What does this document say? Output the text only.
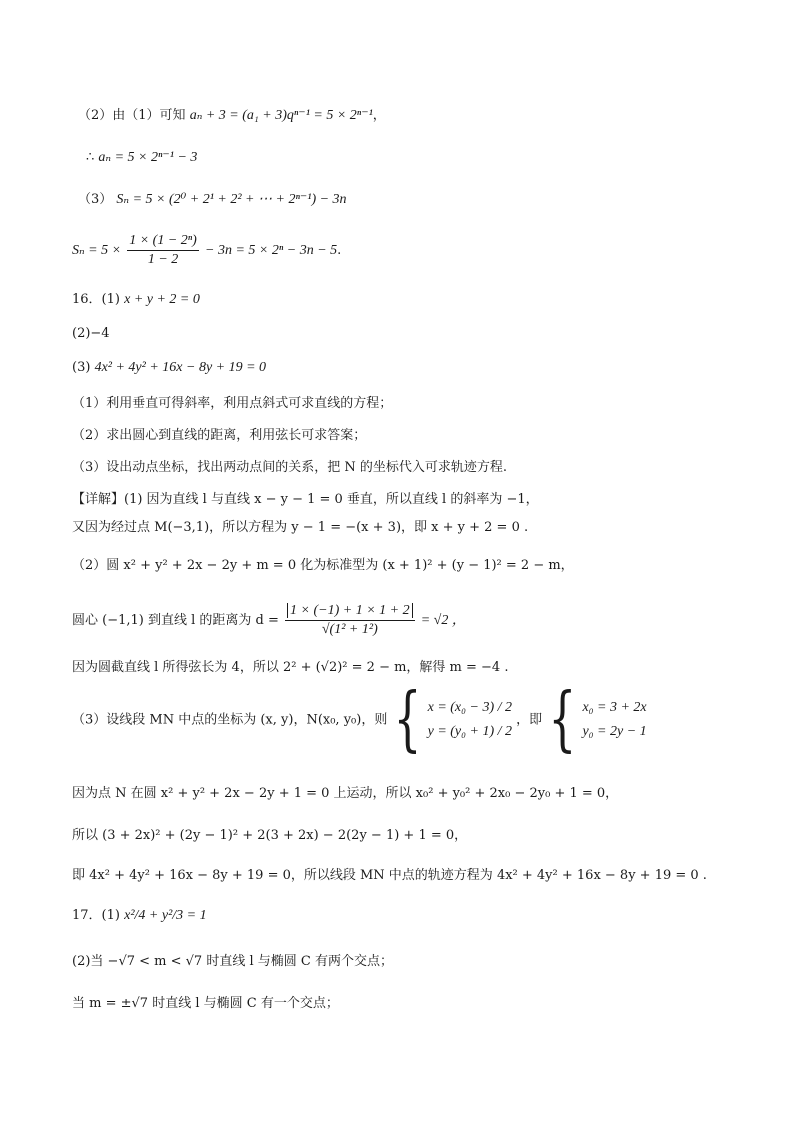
（2）由（1）可知 aₙ + 3 = (a₁ + 3)qⁿ⁻¹ = 5 × 2ⁿ⁻¹，
∴ aₙ = 5 × 2ⁿ⁻¹ − 3
（3） Sₙ = 5 × (2⁰ + 2¹ + 2² + ⋯ + 2ⁿ⁻¹) − 3n
$S_n = 5 \times \frac{\text{1 × (1 − 2ⁿ)}}{1 - 2} - 3n = 5 \times 2^n - 3n - 5$.
16．(1) x + y + 2 = 0
(2)−4
(3) 4x² + 4y² + 16x − 8y + 19 = 0
（1）利用垂直可得斜率，利用点斜式可求直线的方程；
（2）求出圆心到直线的距离，利用弦长可求答案；
（3）设出动点坐标，找出两动点间的关系，把 N 的坐标代入可求轨迹方程.
【详解】(1) 因为直线 l 与直线 x − y − 1 = 0 垂直，所以直线 l 的斜率为 −1，
又因为经过点 M(−3,1)，所以方程为 y − 1 = −(x + 3)，即 x + y + 2 = 0 .
（2）圆 x² + y² + 2x − 2y + m = 0 化为标准型为 (x + 1)² + (y − 1)² = 2 − m，
圆心 (−1,1) 到直线 l 的距离为 $d = \frac{1 \times (-1) + 1 \times 1 + 2}{\text{√(1² + 1²)}} = √2$ ，
因为圆截直线 l 所得弦长为 4，所以 2² + (√2)² = 2 − m，解得 m = −4 .
（3）设线段 MN 中点的坐标为 (x, y)，N(x₀, y₀)，则 { x = (x₀ − 3) / 2
y = (y₀ + 1) / 2
，即 { x₀ = 3 + 2x
y₀ = 2y − 1
因为点 N 在圆 x² + y² + 2x − 2y + 1 = 0 上运动，所以 x₀² + y₀² + 2x₀ − 2y₀ + 1 = 0，
所以 (3 + 2x)² + (2y − 1)² + 2(3 + 2x) − 2(2y − 1) + 1 = 0，
即 4x² + 4y² + 16x − 8y + 19 = 0，所以线段 MN 中点的轨迹方程为 4x² + 4y² + 16x − 8y + 19 = 0 .
17．(1) x²/4 + y²/3 = 1
(2)当 −√7 < m < √7 时直线 l 与椭圆 C 有两个交点；
当 m = ±√7 时直线 l 与椭圆 C 有一个交点；
